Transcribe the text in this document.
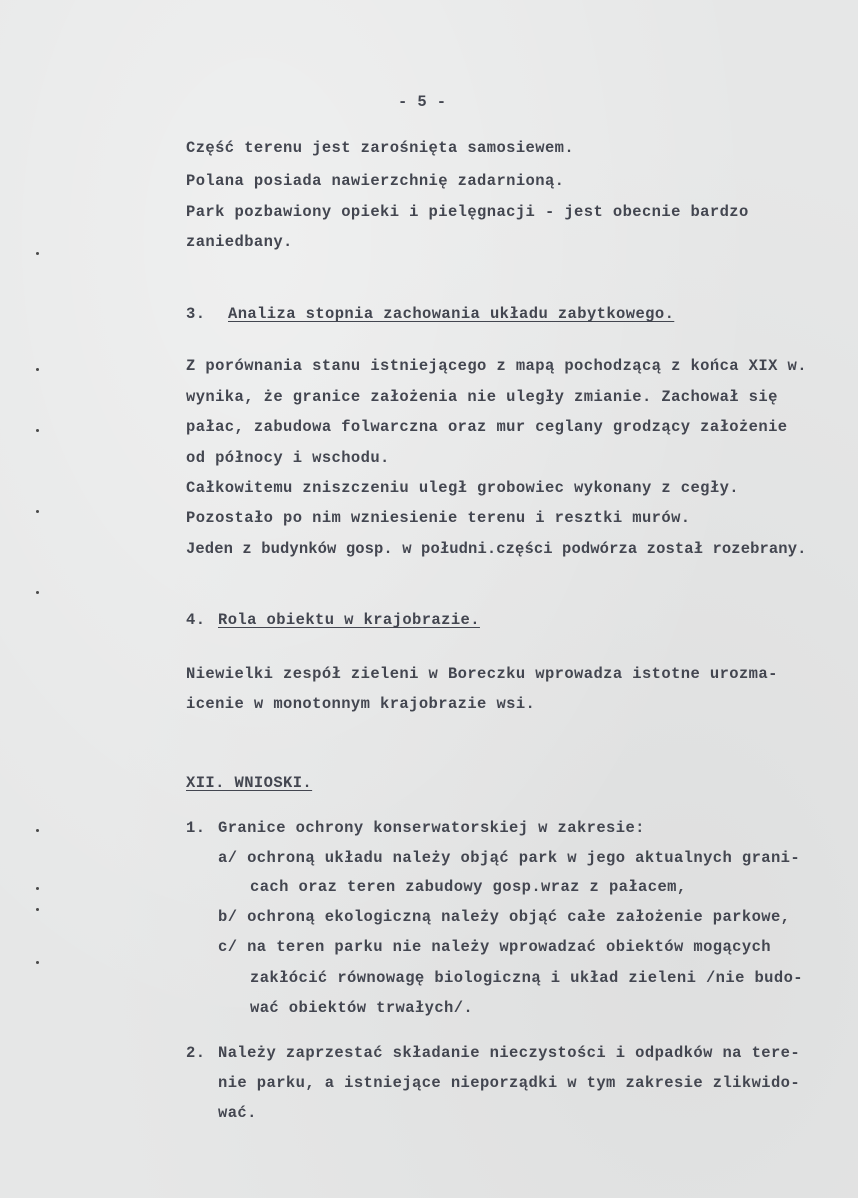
- 5 -
Część terenu jest zarośnięta samosiewem.
Polana posiada nawierzchnię zadarnioną.
Park pozbawiony opieki i pielęgnacji - jest obecnie bardzo
zaniedbany.
3. Analiza stopnia zachowania układu zabytkowego.
Z porównania stanu istniejącego z mapą pochodzącą z końca XIX w.
wynika, że granice założenia nie uległy zmianie. Zachował się
pałac, zabudowa folwarczna oraz mur ceglany grodzący założenie
od północy i wschodu.
Całkowitemu zniszczeniu uległ grobowiec wykonany z cegły.
Pozostało po nim wzniesienie terenu i resztki murów.
Jeden z budynków gosp. w południ.części podwórza został rozebrany.
4. Rola obiektu w krajobrazie.
Niewielki zespół zieleni w Boreczku wprowadza istotne urozma-
icenie w monotonnym krajobrazie wsi.
XII. WNIOSKI.
1. Granice ochrony konserwatorskiej w zakresie:
a/ ochroną układu należy objąć park w jego aktualnych grani-
cach oraz teren zabudowy gosp.wraz z pałacem,
b/ ochroną ekologiczną należy objąć całe założenie parkowe,
c/ na teren parku nie należy wprowadzać obiektów mogących
zakłócić równowagę biologiczną i układ zieleni /nie budo-
wać obiektów trwałych/.
2. Należy zaprzestać składanie nieczystości i odpadków na tere-
nie parku, a istniejące nieporządki w tym zakresie zlikwido-
wać.
